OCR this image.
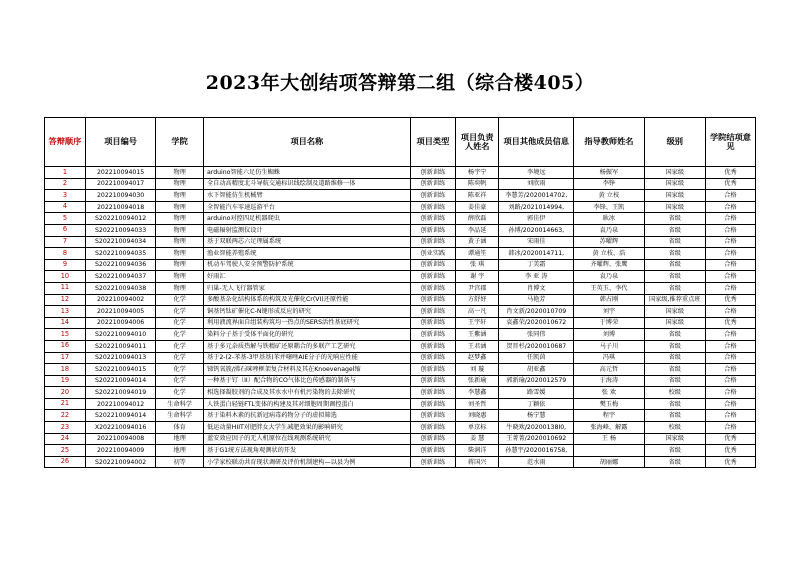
2023年大创结项答辩第二组（综合楼405）
答辩顺序	项目编号	学院	项目名称	项目类型	项目负责人姓名	项目其他成员信息	指导教师姓名	级别	学院结项意见
1	202210094015	物理	arduino智能六足仿生蜘蛛	创新训练	杨宇宁	李境远	杨振军	国家级	优秀
2	202210094017	物理	全自动高精度北斗导航交通标识线绘制及道路维修一体	创新训练	陈奕帆	刘欣雨	李铮	国家级	优秀
3	202210094030	物理	水下智能仿生机械臂	创新训练	陈亚祥	李慧芳/2020014702,	黄 立枝	国家级	合格
4	202210094018	物理	全智能汽车零速巡游平台	创新训练	姜佳豪	刘路/2021014994,	李锋、王凯	国家级	合格
5	S202210094012	物理	arduino对控四足机器爬虫	创新训练	薛欣磊	郭佳伊	耿冰	省级	合格
6	S202210094033	物理	电磁辐射监测仪设计	创新训练	李品延	孙博/2020014663,	袁乃泉	省级	合格
7	S202210094034	物理	基于双联两芯六足理属系统	创新训练	黄子涵	宋雨佳	苏曜辉	省级	合格
8	S202210094035	物理	渔业智能养殖系统	创业实践	谭通笙	韩冰/2020014711,	黄 立枝、浩	省级	合格
9	S202210094036	物理	机动车驾驶人安全预警防护系统	创新训练	张 琪	丁美霜	齐曜辉、张鹰	省级	合格
10	S202210094037	物理	好雨汇	创新训练	谢 宇	李 亚 涛	袁乃泉	省级	合格
11	S202210094038	物理	归巢-无人飞行器管家	创新训练	尹宫郡	肖博文	王英玉、李代	省级	合格
12	202210094002	化学	多酸基杂化结构体系的构筑及光催化Cr(VI)还原性能	创新训练	方舒妤	马艳芳	韩占刚	国家级,推荐重点班	优秀
13	202210094005	化学	铜基钙钛矿催化C-N键形成反应的研究	创新训练	高一凡	肖文新/2020010709	刘宇	国家级	合格
14	202210094006	化学	利用液流界面自组装构筑均一热点的SERS活性基底研究	创新训练	王宇轩	袁鑫荣/2020010672	于博荣	国家级	优秀
15	S202210094010	化学	染料分子基于受体平面化的研究	创新训练	王紫涵	张同伟	刘博	省级	合格
16	S202210094011	化学	基于多元杂质热解与铁精矿还原耦合的多联产工艺研究	创新训练	王君涵	贺晋杉/2020010687	马子川	省级	合格
17	S202210094013	化学	基于2-(2-苯基-3甲基基)苯并噻唑AIE分子的光响应性能	创新训练	赵梦鑫	任凯茵	冯琪	省级	合格
18	S202210094015	化学	锑钒氧簇/沸石咪唑框架复合材料及其在Knoevenagel缩	创新训练	刘 璇	胡亚鑫	高元哲	省级	合格
19	S202210094014	化学	一种基于钌（II）配合物的CO气体比色传感器的制备与	创新训练	张新瑜	郭新瑜/2020012579	于海涛	省级	合格
20	S202210094019	化学	相选择凝胶剂的合成及其水水中有机污染物的去除研究	创新训练	李慧鑫	路雪媛	张 欢	校级	合格
21	202210094012	生命科学	人铁蛋白轻链FTL变体的构建及其对细胞周期调控蛋白	创新训练	刘圣哲	丁颖依	樊玉梅	省级	合格
22	S202210094014	生命科学	基于染料木素的抗新冠病毒药物分子的虚拟筛选	创新训练	刘晓惠	杨宁慧	程宇	省级	合格
23	X202210094016	体育	低运动量HIIT对肥胖女大学生减肥效果的影响研究	创新训练	单京标	牛晓欢/20200138I0,	张海峰、解露	校级	合格
24	202210094008	地理	蓝安效应因子的无人机原位在线观测系统研究	创新训练	姜 慧	王菁菁/2020010692	王 杨	国家级	优秀
25	202210094009	地理	基于G1统方法视角观测状的开发	创新训练	柴润洋	孙慧宇/2020016758,		省级	优秀
26	S202210094002	初等	小学家校联动共育现状调研及评价机制建构—以县为例	创新训练	蒋国兴	范水雨	胡丽娜	省级	优秀
